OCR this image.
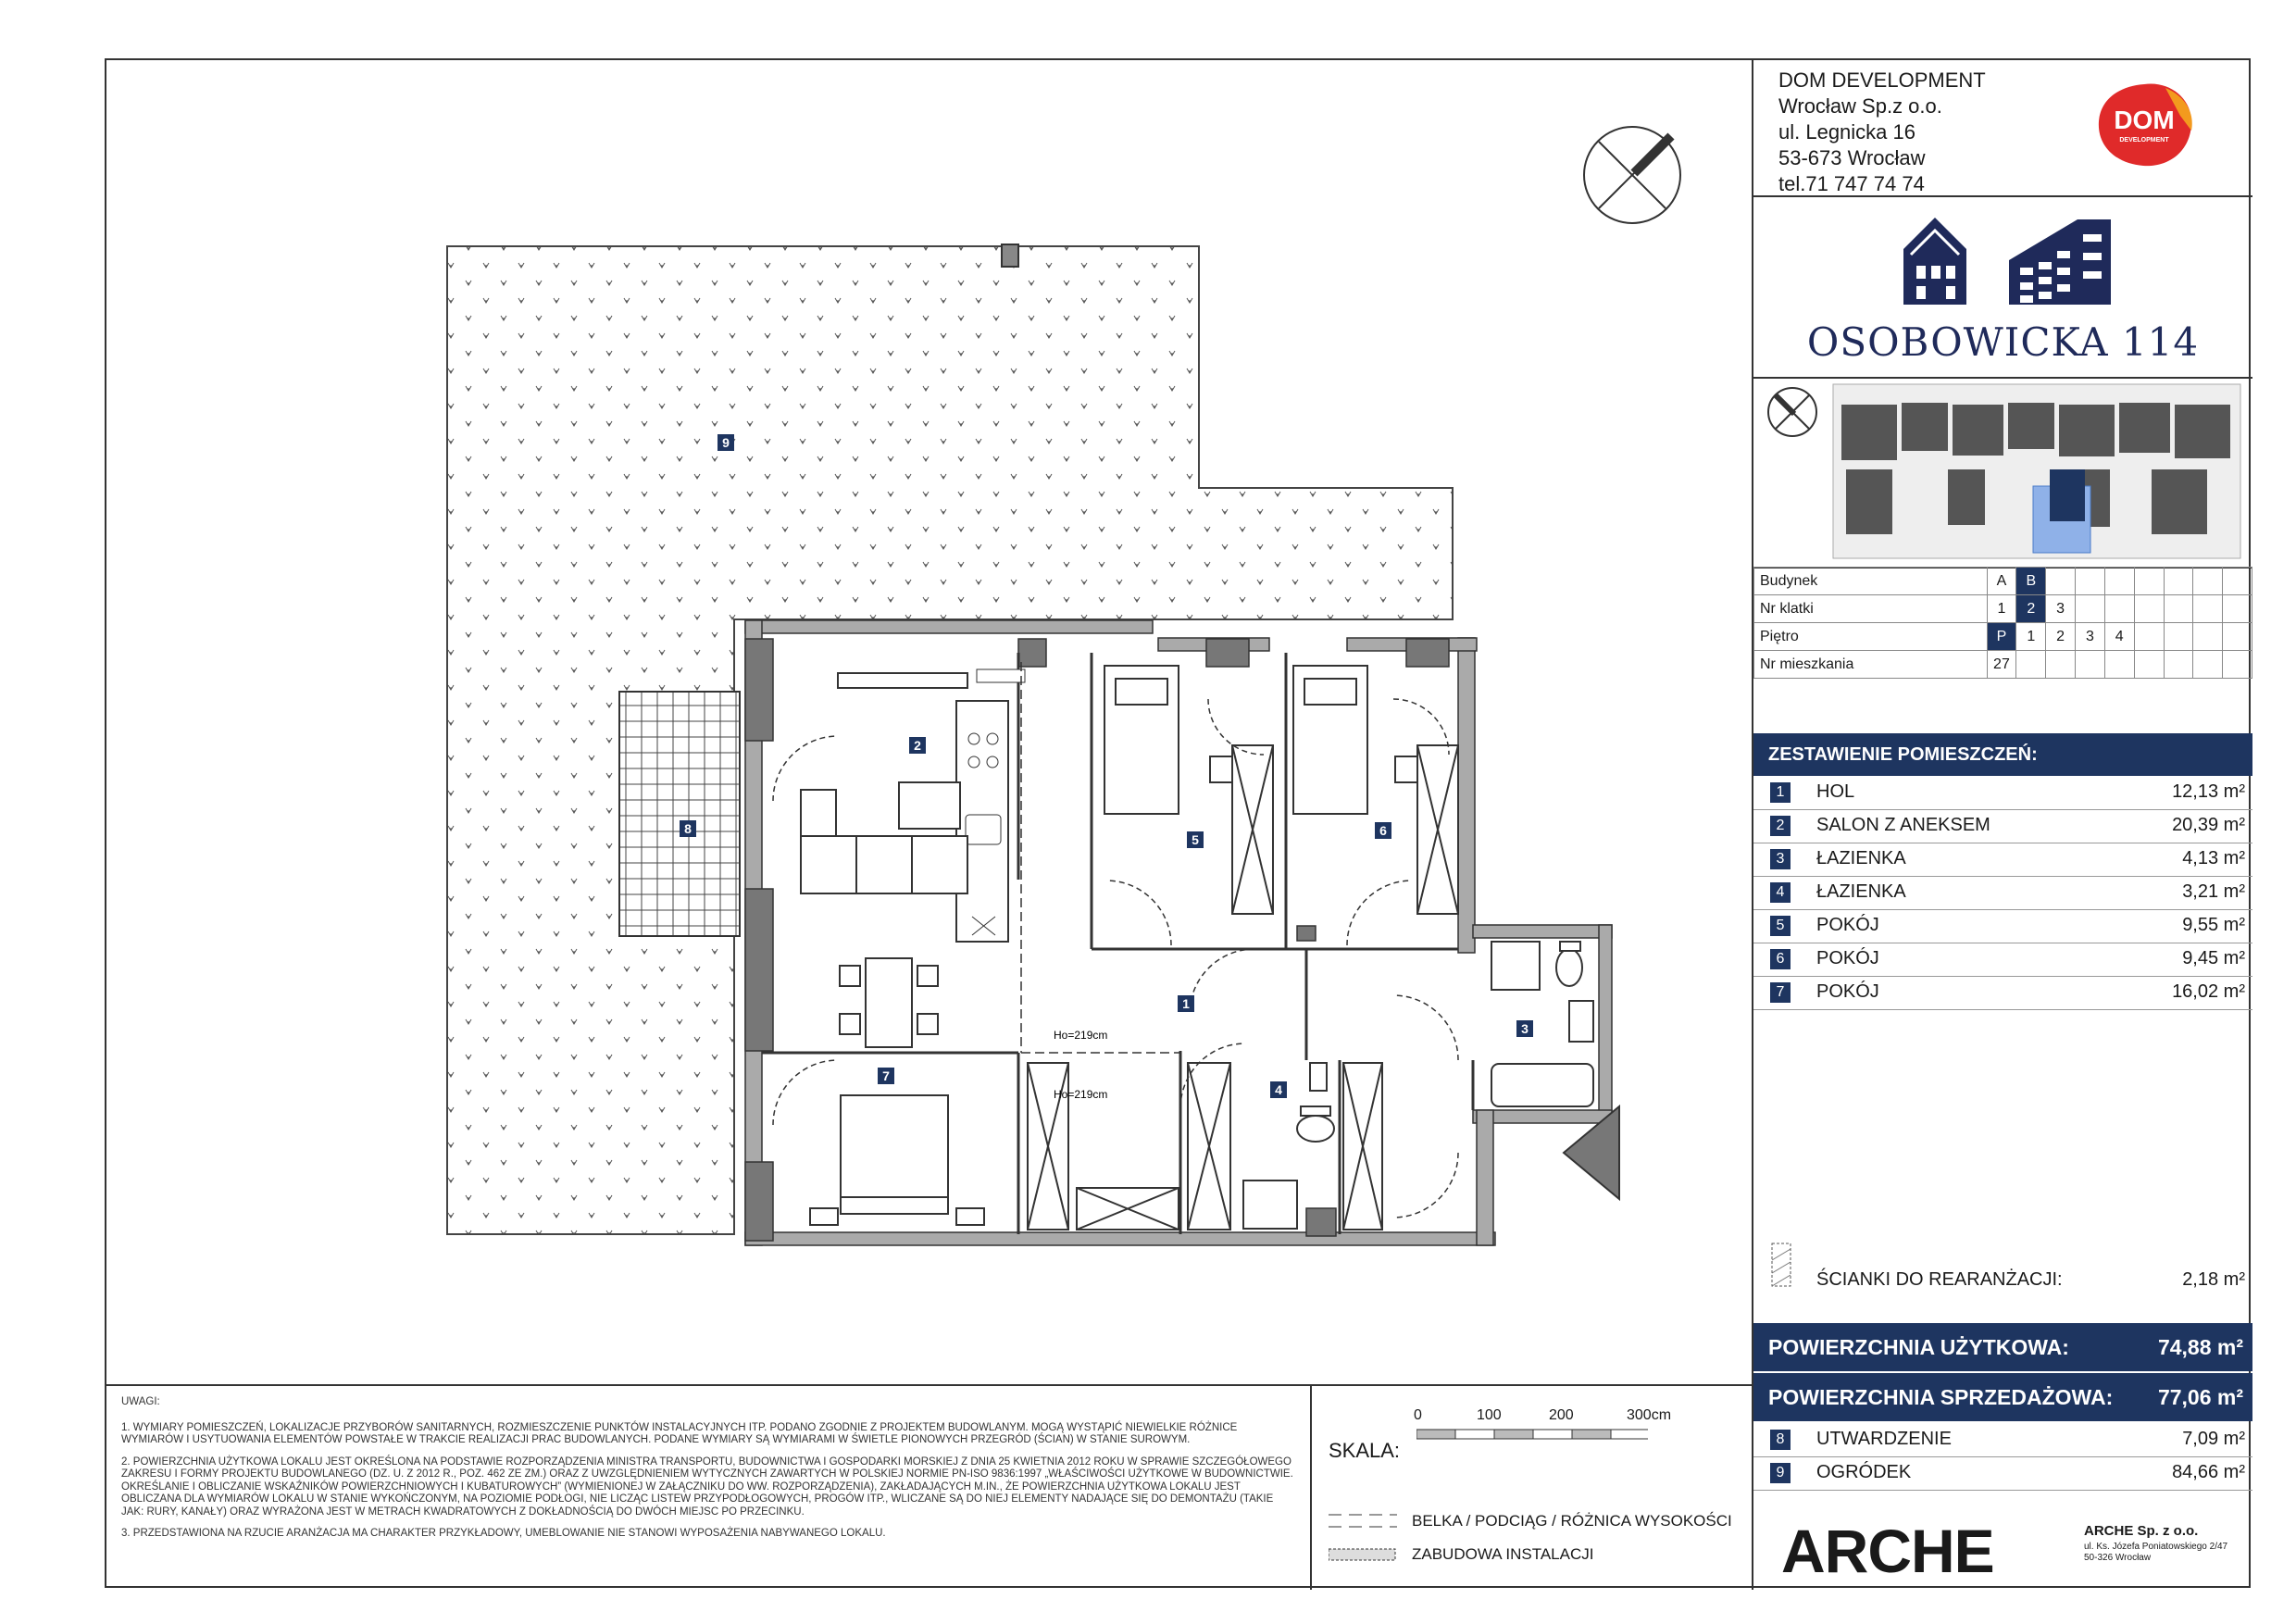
Ho=219cm
Ho=219cm
1
2
3
4
5
6
7
8
9
UWAGI:

1. WYMIARY POMIESZCZEŃ, LOKALIZACJE PRZYBORÓW SANITARNYCH, ROZMIESZCZENIE PUNKTÓW INSTALACYJNYCH ITP. PODANO ZGODNIE Z PROJEKTEM BUDOWLANYM. MOGĄ WYSTĄPIĆ NIEWIELKIE RÓŻNICE WYMIARÓW I USYTUOWANIA ELEMENTÓW POWSTAŁE W TRAKCIE REALIZACJI PRAC BUDOWLANYCH. PODANE WYMIARY SĄ WYMIARAMI W ŚWIETLE PIONOWYCH PRZEGRÓD (ŚCIAN) W STANIE SUROWYM.

2. POWIERZCHNIA UŻYTKOWA LOKALU JEST OKREŚLONA NA PODSTAWIE ROZPORZĄDZENIA MINISTRA TRANSPORTU, BUDOWNICTWA I GOSPODARKI MORSKIEJ Z DNIA 25 KWIETNIA 2012 ROKU W SPRAWIE SZCZEGÓŁOWEGO ZAKRESU I FORMY PROJEKTU BUDOWLANEGO (DZ. U. Z 2012 R., POZ. 462 ZE ZM.) ORAZ Z UWZGLĘDNIENIEM WYTYCZNYCH ZAWARTYCH W POLSKIEJ NORMIE PN-ISO 9836:1997 „WŁAŚCIWOŚCI UŻYTKOWE W BUDOWNICTWIE. OKREŚLANIE I OBLICZANIE WSKAŹNIKÓW POWIERZCHNIOWYCH I KUBATUROWYCH” (WYMIENIONEJ W ZAŁĄCZNIKU DO WW. ROZPORZĄDZENIA), ZAKŁADAJĄCYCH M.IN., ŻE POWIERZCHNIA UŻYTKOWA LOKALU JEST OBLICZANA DLA WYMIARÓW LOKALU W STANIE WYKOŃCZONYM, NA POZIOMIE PODŁOGI, NIE LICZĄC LISTEW PRZYPODŁOGOWYCH, PROGÓW ITP., WLICZANE SĄ DO NIEJ ELEMENTY NADAJĄCE SIĘ DO DEMONTAŻU (TAKIE JAK: RURY, KANAŁY) ORAZ WYRAŻONA JEST W METRACH KWADRATOWYCH Z DOKŁADNOŚCIĄ DO DWÓCH MIEJSC PO PRZECINKU.

3. PRZEDSTAWIONA NA RZUCIE ARANŻACJA MA CHARAKTER PRZYKŁADOWY, UMEBLOWANIE NIE STANOWI WYPOSAŻENIA NABYWANEGO LOKALU.

SKALA:
0	100	200	300cm
BELKA / PODCIĄG / RÓŻNICA WYSOKOŚCI
ZABUDOWA INSTALACJI
DOM DEVELOPMENT
Wrocław Sp.z o.o.
ul. Legnicka 16
53-673 Wrocław
tel.71 747 74 74
DOM
DEVELOPMENT
OSOBOWICKA 114
Budynek	A	B							
Nr klatki	1	2	3						
Piętro	P	1	2	3	4				
Nr mieszkania	27								
ZESTAWIENIE POMIESZCZEŃ:
1	HOL	12,13 m²
2	SALON Z ANEKSEM	20,39 m²
3	ŁAZIENKA	4,13 m²
4	ŁAZIENKA	3,21 m²
5	POKÓJ	9,55 m²
6	POKÓJ	9,45 m²
7	POKÓJ	16,02 m²
ŚCIANKI DO REARANŻACJI:	2,18 m²
POWIERZCHNIA UŻYTKOWA:	74,88 m²
POWIERZCHNIA SPRZEDAŻOWA: 77,06 m²
8	UTWARDZENIE	7,09 m²
9	OGRÓDEK	84,66 m²
ARCHE	ARCHE Sp. z o.o.
ul. Ks. Józefa Poniatowskiego 2/47
50-326 Wrocław
